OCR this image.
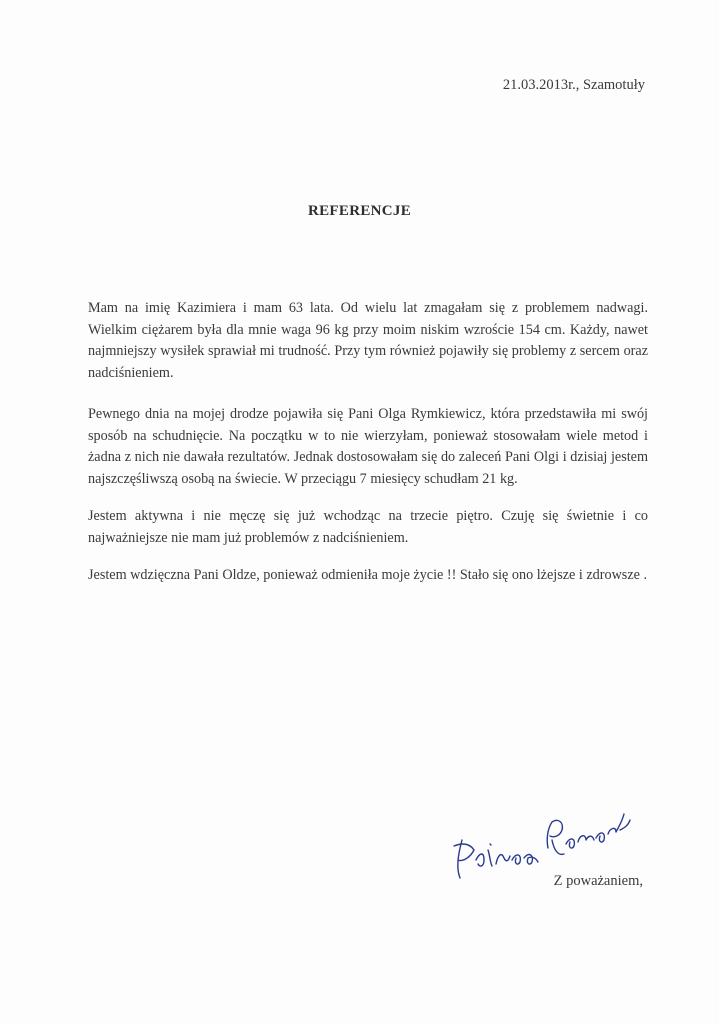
21.03.2013r., Szamotuły
REFERENCJE

Mam na imię Kazimiera i mam 63 lata. Od wielu lat zmagałam się z problemem nadwagi. Wielkim ciężarem była dla mnie waga 96 kg przy moim niskim wzroście 154 cm. Każdy, nawet najmniejszy wysiłek sprawiał mi trudność. Przy tym również pojawiły się problemy z sercem oraz nadciśnieniem.

Pewnego dnia na mojej drodze pojawiła się Pani Olga Rymkiewicz, która przedstawiła mi swój sposób na schudnięcie. Na początku w to nie wierzyłam, ponieważ stosowałam wiele metod i żadna z nich nie dawała rezultatów. Jednak dostosowałam się do zaleceń Pani Olgi i dzisiaj jestem najszczęśliwszą osobą na świecie. W przeciągu 7 miesięcy schudłam 21 kg.

Jestem aktywna i nie męczę się już wchodząc na trzecie piętro. Czuję się świetnie i co najważniejsze nie mam już problemów z nadciśnieniem.

Jestem wdzięczna Pani Oldze, ponieważ odmieniła moje życie !! Stało się ono lżejsze i zdrowsze .

Z poważaniem,
